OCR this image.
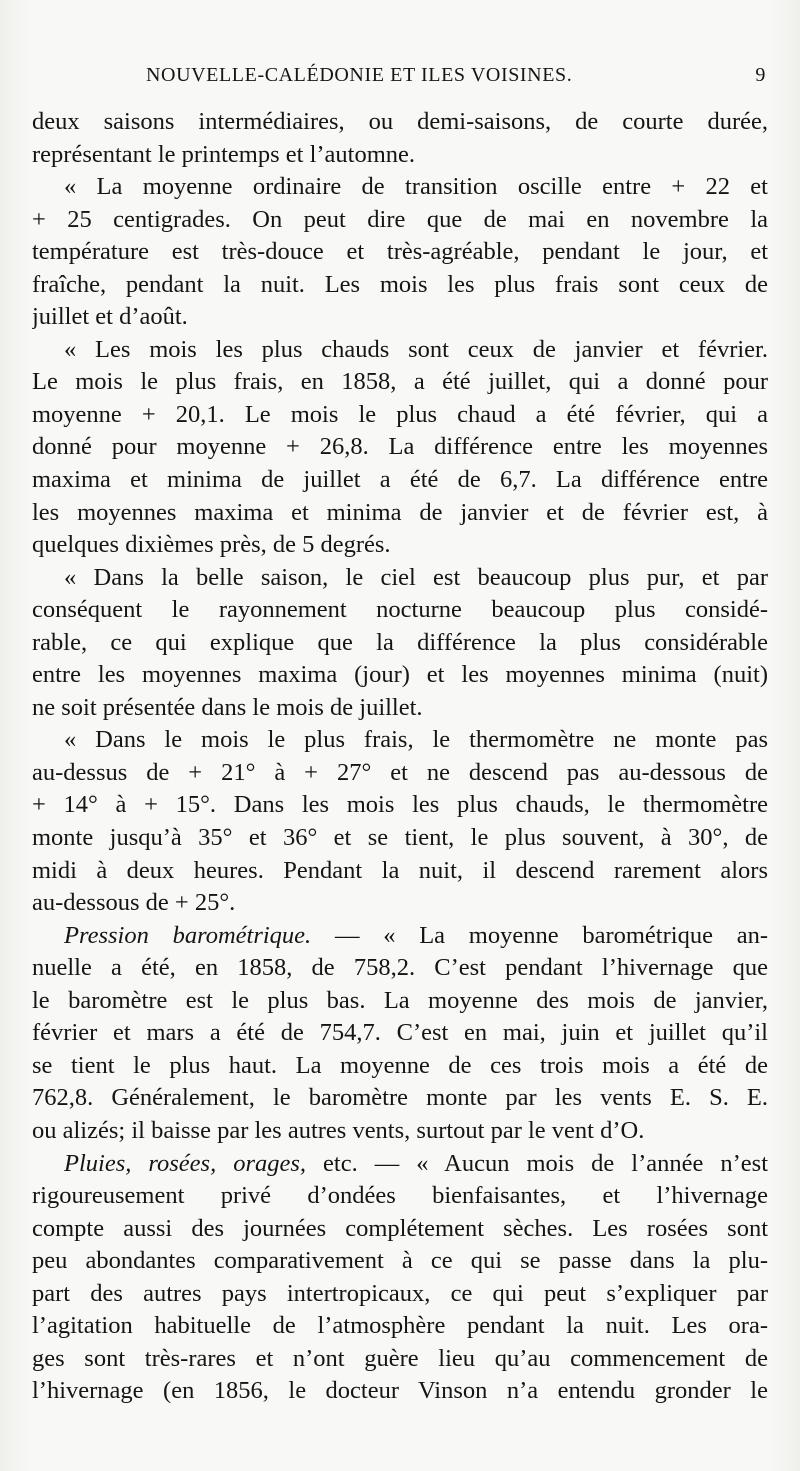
NOUVELLE-CALÉDONIE ET ILES VOISINES.	9
deux saisons intermédiaires, ou demi-saisons, de courte durée,
représentant le printemps et l’automne.
« La moyenne ordinaire de transition oscille entre + 22 et
+ 25 centigrades. On peut dire que de mai en novembre la
température est très-douce et très-agréable, pendant le jour, et
fraîche, pendant la nuit. Les mois les plus frais sont ceux de
juillet et d’août.
« Les mois les plus chauds sont ceux de janvier et février.
Le mois le plus frais, en 1858, a été juillet, qui a donné pour
moyenne + 20,1. Le mois le plus chaud a été février, qui a
donné pour moyenne + 26,8. La différence entre les moyennes
maxima et minima de juillet a été de 6,7. La différence entre
les moyennes maxima et minima de janvier et de février est, à
quelques dixièmes près, de 5 degrés.
« Dans la belle saison, le ciel est beaucoup plus pur, et par
conséquent le rayonnement nocturne beaucoup plus considé-
rable, ce qui explique que la différence la plus considérable
entre les moyennes maxima (jour) et les moyennes minima (nuit)
ne soit présentée dans le mois de juillet.
« Dans le mois le plus frais, le thermomètre ne monte pas
au-dessus de + 21° à + 27° et ne descend pas au-dessous de
+ 14° à + 15°. Dans les mois les plus chauds, le thermomètre
monte jusqu’à 35° et 36° et se tient, le plus souvent, à 30°, de
midi à deux heures. Pendant la nuit, il descend rarement alors
au-dessous de + 25°.
Pression barométrique. — « La moyenne barométrique an-
nuelle a été, en 1858, de 758,2. C’est pendant l’hivernage que
le baromètre est le plus bas. La moyenne des mois de janvier,
février et mars a été de 754,7. C’est en mai, juin et juillet qu’il
se tient le plus haut. La moyenne de ces trois mois a été de
762,8. Généralement, le baromètre monte par les vents E. S. E.
ou alizés; il baisse par les autres vents, surtout par le vent d’O.
Pluies, rosées, orages, etc. — « Aucun mois de l’année n’est
rigoureusement privé d’ondées bienfaisantes, et l’hivernage
compte aussi des journées complétement sèches. Les rosées sont
peu abondantes comparativement à ce qui se passe dans la plu-
part des autres pays intertropicaux, ce qui peut s’expliquer par
l’agitation habituelle de l’atmosphère pendant la nuit. Les ora-
ges sont très-rares et n’ont guère lieu qu’au commencement de
l’hivernage (en 1856, le docteur Vinson n’a entendu gronder le
